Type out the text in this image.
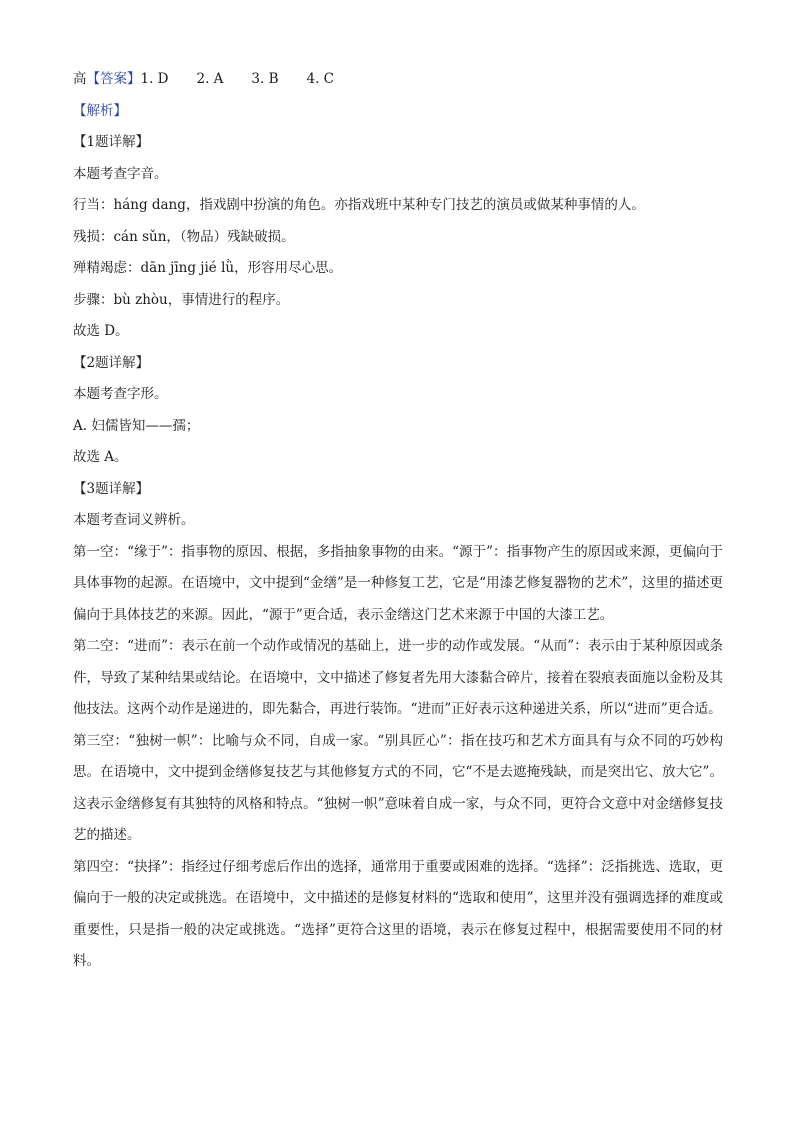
高【答案】1. D 2. A 3. B 4. C

【解析】

【1题详解】

本题考查字音。

行当：háng dang，指戏剧中扮演的角色。亦指戏班中某种专门技艺的演员或做某种事情的人。

残损：cán sǔn，（物品）残缺破损。

殚精竭虑：dān jīng jié lǜ，形容用尽心思。

步骤：bù zhòu，事情进行的程序。

故选 D。

【2题详解】

本题考查字形。

A. 妇儒皆知——孺；

故选 A。

【3题详解】

本题考查词义辨析。

第一空：“缘于”：指事物的原因、根据，多指抽象事物的由来。“源于”：指事物产生的原因或来源，更偏向于具体事物的起源。在语境中，文中提到“金缮”是一种修复工艺，它是“用漆艺修复器物的艺术”，这里的描述更偏向于具体技艺的来源。因此，“源于”更合适，表示金缮这门艺术来源于中国的大漆工艺。

第二空：“进而”：表示在前一个动作或情况的基础上，进一步的动作或发展。“从而”：表示由于某种原因或条件，导致了某种结果或结论。在语境中，文中描述了修复者先用大漆黏合碎片，接着在裂痕表面施以金粉及其他技法。这两个动作是递进的，即先黏合，再进行装饰。“进而”正好表示这种递进关系，所以“进而”更合适。

第三空：“独树一帜”：比喻与众不同，自成一家。“别具匠心”：指在技巧和艺术方面具有与众不同的巧妙构思。在语境中，文中提到金缮修复技艺与其他修复方式的不同，它“不是去遮掩残缺，而是突出它、放大它”。这表示金缮修复有其独特的风格和特点。“独树一帜”意味着自成一家，与众不同，更符合文意中对金缮修复技艺的描述。

第四空：“抉择”：指经过仔细考虑后作出的选择，通常用于重要或困难的选择。“选择”：泛指挑选、选取，更偏向于一般的决定或挑选。在语境中，文中描述的是修复材料的“选取和使用”，这里并没有强调选择的难度或重要性，只是指一般的决定或挑选。“选择”更符合这里的语境，表示在修复过程中，根据需要使用不同的材料。
